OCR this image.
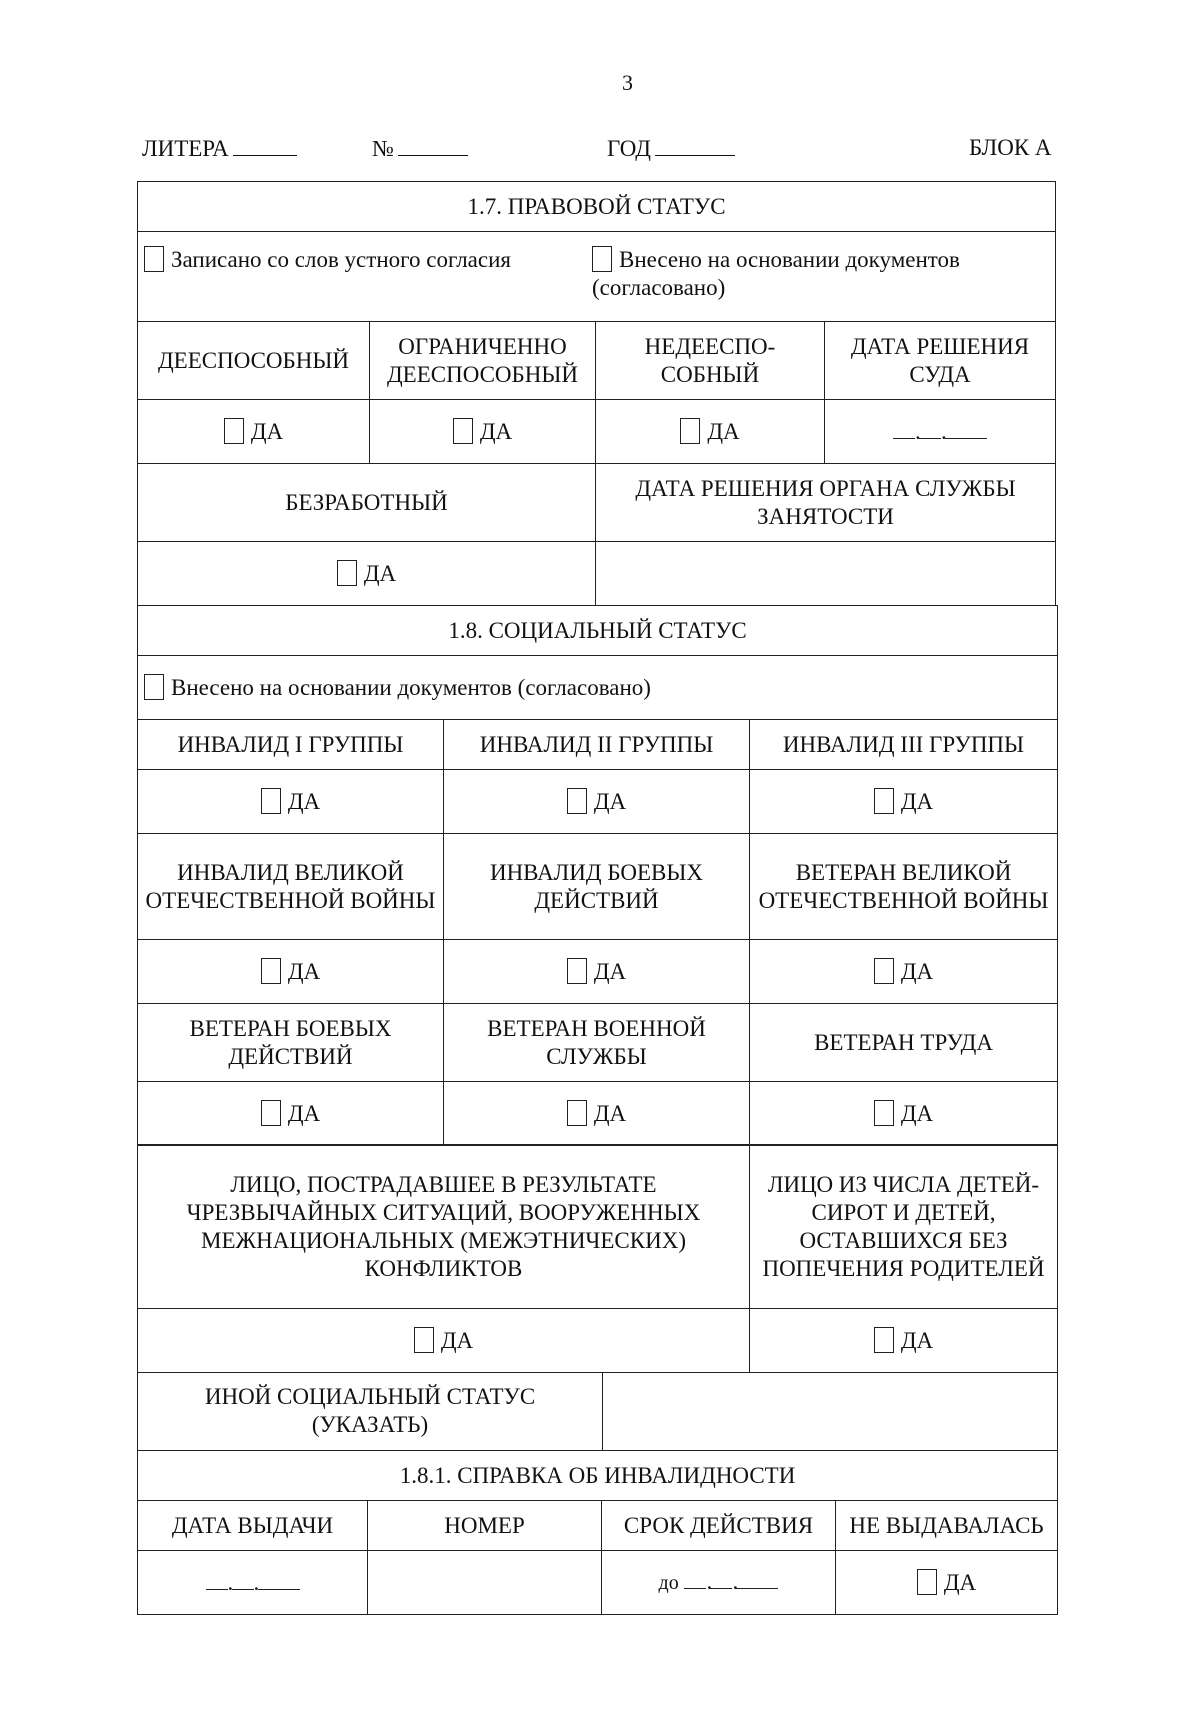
3
ЛИТЕРА	№	ГОД	БЛОК А
1.7. ПРАВОВОЙ СТАТУС			
Записано со слов устного согласия Внесено на основании документов (согласовано)			
ДЕЕСПОСОБНЫЙ	ОГРАНИЧЕННО ДЕЕСПОСОБНЫЙ	НЕДЕЕСПО- СОБНЫЙ	ДАТА РЕШЕНИЯ СУДА
ДА	ДА	ДА	. .
БЕЗРАБОТНЫЙ		ДАТА РЕШЕНИЯ ОРГАНА СЛУЖБЫ ЗАНЯТОСТИ	
ДА			
1.8. СОЦИАЛЬНЫЙ СТАТУС		
Внесено на основании документов (согласовано)		
ИНВАЛИД I ГРУППЫ	ИНВАЛИД II ГРУППЫ	ИНВАЛИД III ГРУППЫ
ДА	ДА	ДА
ИНВАЛИД ВЕЛИКОЙ ОТЕЧЕСТВЕННОЙ ВОЙНЫ	ИНВАЛИД БОЕВЫХ ДЕЙСТВИЙ	ВЕТЕРАН ВЕЛИКОЙ ОТЕЧЕСТВЕННОЙ ВОЙНЫ
ДА	ДА	ДА
ВЕТЕРАН БОЕВЫХ ДЕЙСТВИЙ	ВЕТЕРАН ВОЕННОЙ СЛУЖБЫ	ВЕТЕРАН ТРУДА
ДА	ДА	ДА
ЛИЦО, ПОСТРАДАВШЕЕ В РЕЗУЛЬТАТЕ ЧРЕЗВЫЧАЙНЫХ СИТУАЦИЙ, ВООРУЖЕННЫХ МЕЖНАЦИОНАЛЬНЫХ (МЕЖЭТНИЧЕСКИХ) КОНФЛИКТОВ	ЛИЦО ИЗ ЧИСЛА ДЕТЕЙ-СИРОТ И ДЕТЕЙ, ОСТАВШИХСЯ БЕЗ ПОПЕЧЕНИЯ РОДИТЕЛЕЙ
ДА	ДА
ИНОЙ СОЦИАЛЬНЫЙ СТАТУС (УКАЗАТЬ)	
1.8.1. СПРАВКА ОБ ИНВАЛИДНОСТИ			
ДАТА ВЫДАЧИ	НОМЕР	СРОК ДЕЙСТВИЯ	НЕ ВЫДАВАЛАСЬ
. .		до . .	ДА
